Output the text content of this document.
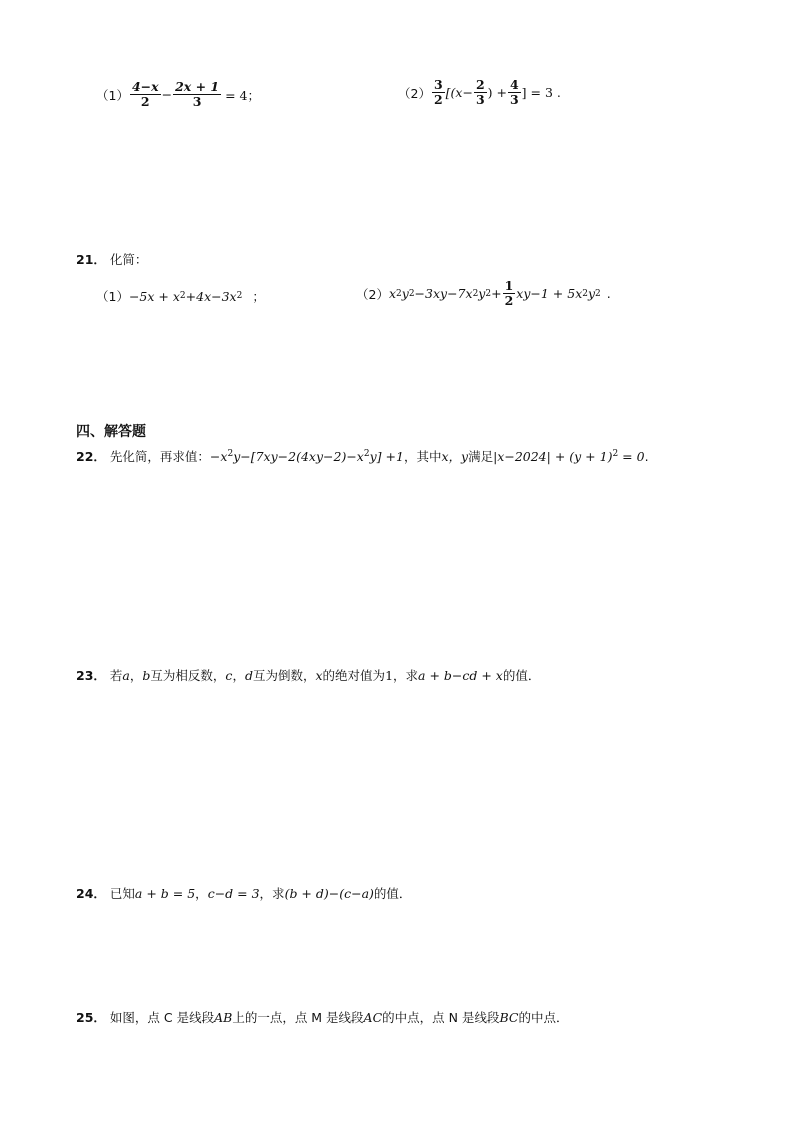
$(1) \frac{4-x}{2} - \frac{2x + 1}{3} = 4$；	$(2) \frac{3}{2} [(x- \frac{2}{3}$ ) + $\frac{4}{3}$ ] = 3 .
21． 化简：
（1） −5x + x 2 +4x−3x 2 ；	（2） x 2 y 2 −3xy−7x 2 y $2 + \frac{1}{2} xy-1 + 5x$ 2 y 2 .
四、解答题
22． 先化简，再求值：$-x^2y-[7xy-2(4xy-2)-x^2y] +1$，其中x，y满足$|x-2024| + (y + 1)^2 = 0$.
23． 若a，b互为相反数，c，d互为倒数，x的绝对值为1，求a + b−cd + x的值．
24． 已知a + b = 5，c−d = 3，求(b + d)−(c−a)的值．
25． 如图，点 C 是线段AB上的一点，点 M 是线段AC的中点，点 N 是线段BC的中点．
